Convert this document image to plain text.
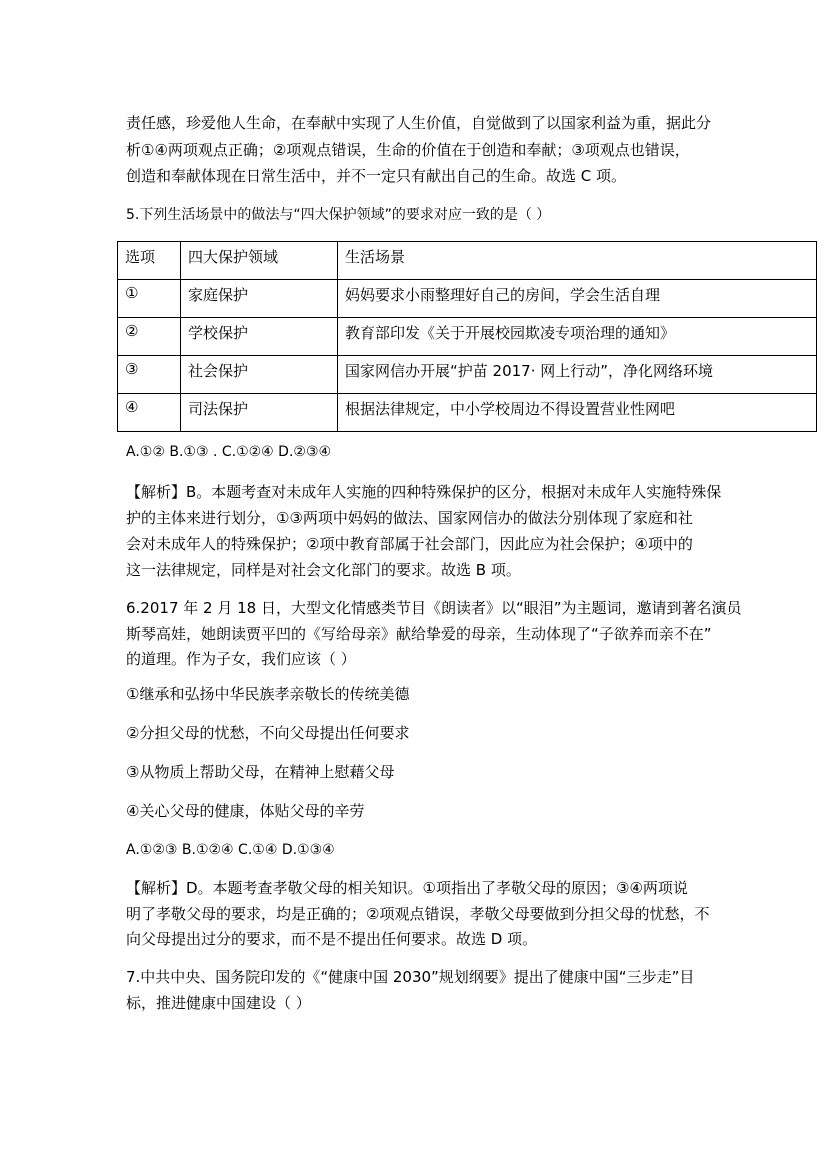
责任感，珍爱他人生命，在奉献中实现了人生价值，自觉做到了以国家利益为重，据此分
析①④两项观点正确；②项观点错误，生命的价值在于创造和奉献；③项观点也错误，
创造和奉献体现在日常生活中，并不一定只有献出自己的生命。故选 C 项。
5.下列生活场景中的做法与“四大保护领域”的要求对应一致的是（ ）
选项	四大保护领域	生活场景
①	家庭保护	妈妈要求小雨整理好自己的房间，学会生活自理
②	学校保护	教育部印发《关于开展校园欺凌专项治理的通知》
③	社会保护	国家网信办开展“护苗 2017· 网上行动”，净化网络环境
④	司法保护	根据法律规定，中小学校周边不得设置营业性网吧
A.①② B.①③ . C.①②④ D.②③④
【解析】B。本题考查对未成年人实施的四种特殊保护的区分，根据对未成年人实施特殊保
护的主体来进行划分，①③两项中妈妈的做法、国家网信办的做法分别体现了家庭和社
会对未成年人的特殊保护；②项中教育部属于社会部门，因此应为社会保护；④项中的
这一法律规定，同样是对社会文化部门的要求。故选 B 项。
6.2017 年 2 月 18 日，大型文化情感类节目《朗读者》以“眼泪”为主题词，邀请到著名演员
斯琴高娃，她朗读贾平凹的《写给母亲》献给挚爱的母亲，生动体现了“子欲养而亲不在”
的道理。作为子女，我们应该（ ）
①继承和弘扬中华民族孝亲敬长的传统美德
②分担父母的忧愁，不向父母提出任何要求
③从物质上帮助父母，在精神上慰藉父母
④关心父母的健康，体贴父母的辛劳
A.①②③ B.①②④ C.①④ D.①③④
【解析】D。本题考查孝敬父母的相关知识。①项指出了孝敬父母的原因；③④两项说
明了孝敬父母的要求，均是正确的；②项观点错误，孝敬父母要做到分担父母的忧愁，不
向父母提出过分的要求，而不是不提出任何要求。故选 D 项。
7.中共中央、国务院印发的《“健康中国 2030”规划纲要》提出了健康中国“三步走”目
标，推进健康中国建设（ ）
